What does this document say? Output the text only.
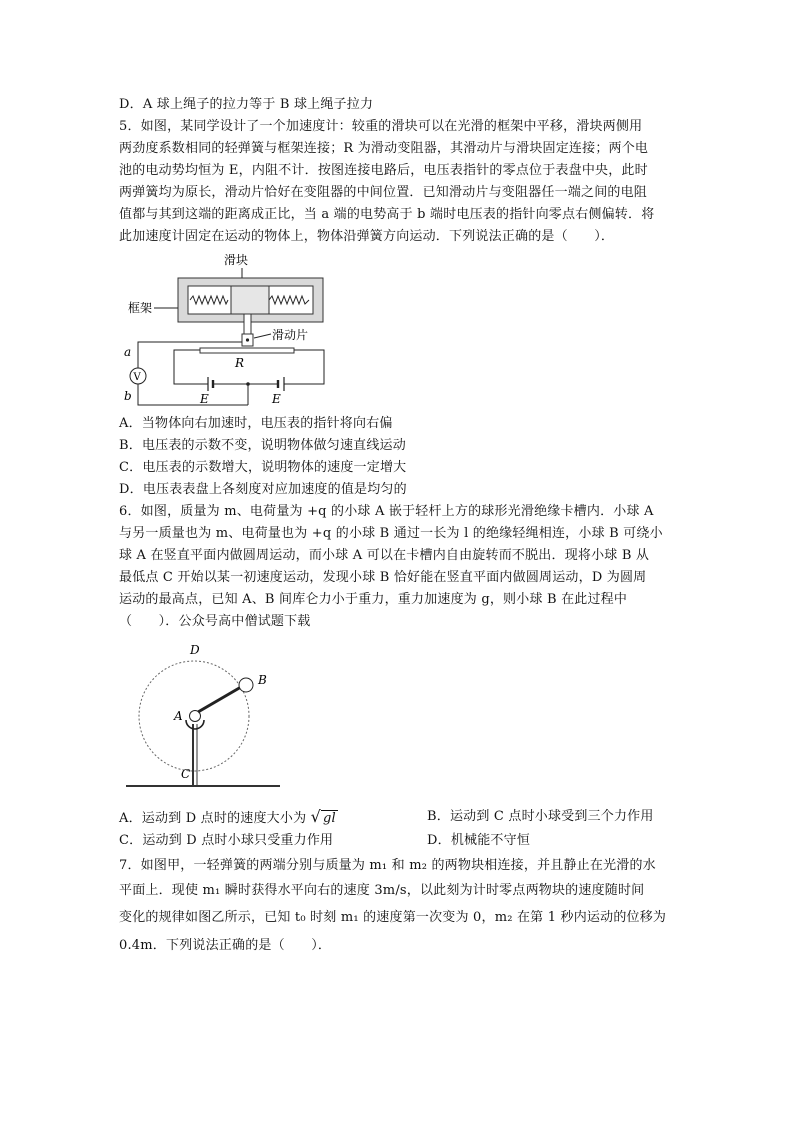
D．A 球上绳子的拉力等于 B 球上绳子拉力
5．如图，某同学设计了一个加速度计：较重的滑块可以在光滑的框架中平移，滑块两侧用
两劲度系数相同的轻弹簧与框架连接；R 为滑动变阻器，其滑动片与滑块固定连接；两个电
池的电动势均恒为 E，内阻不计．按图连接电路后，电压表指针的零点位于表盘中央，此时
两弹簧均为原长，滑动片恰好在变阻器的中间位置．已知滑动片与变阻器任一端之间的电阻
值都与其到这端的距离成正比，当 a 端的电势高于 b 端时电压表的指针向零点右侧偏转．将
此加速度计固定在运动的物体上，物体沿弹簧方向运动．下列说法正确的是（　　）．
滑块
框架
滑动片
R
a
V
b	E	E
A．当物体向右加速时，电压表的指针将向右偏
B．电压表的示数不变，说明物体做匀速直线运动
C．电压表的示数增大，说明物体的速度一定增大
D．电压表表盘上各刻度对应加速度的值是均匀的
6．如图，质量为 m、电荷量为 +q 的小球 A 嵌于轻杆上方的球形光滑绝缘卡槽内．小球 A
与另一质量也为 m、电荷量也为 +q 的小球 B 通过一长为 l 的绝缘轻绳相连，小球 B 可绕小
球 A 在竖直平面内做圆周运动，而小球 A 可以在卡槽内自由旋转而不脱出．现将小球 B 从
最低点 C 开始以某一初速度运动，发现小球 B 恰好能在竖直平面内做圆周运动，D 为圆周
运动的最高点，已知 A、B 间库仑力小于重力，重力加速度为 g，则小球 B 在此过程中
（　　）．公众号高中僧试题下载
D
A
B
C
A．运动到 D 点时的速度大小为 √ gl	B．运动到 C 点时小球受到三个力作用
C．运动到 D 点时小球只受重力作用	D．机械能不守恒
7．如图甲，一轻弹簧的两端分别与质量为 m₁ 和 m₂ 的两物块相连接，并且静止在光滑的水
平面上．现使 m₁ 瞬时获得水平向右的速度 3m/s，以此刻为计时零点两物块的速度随时间
变化的规律如图乙所示，已知 t₀ 时刻 m₁ 的速度第一次变为 0，m₂ 在第 1 秒内运动的位移为
0.4m．下列说法正确的是（　　）．
